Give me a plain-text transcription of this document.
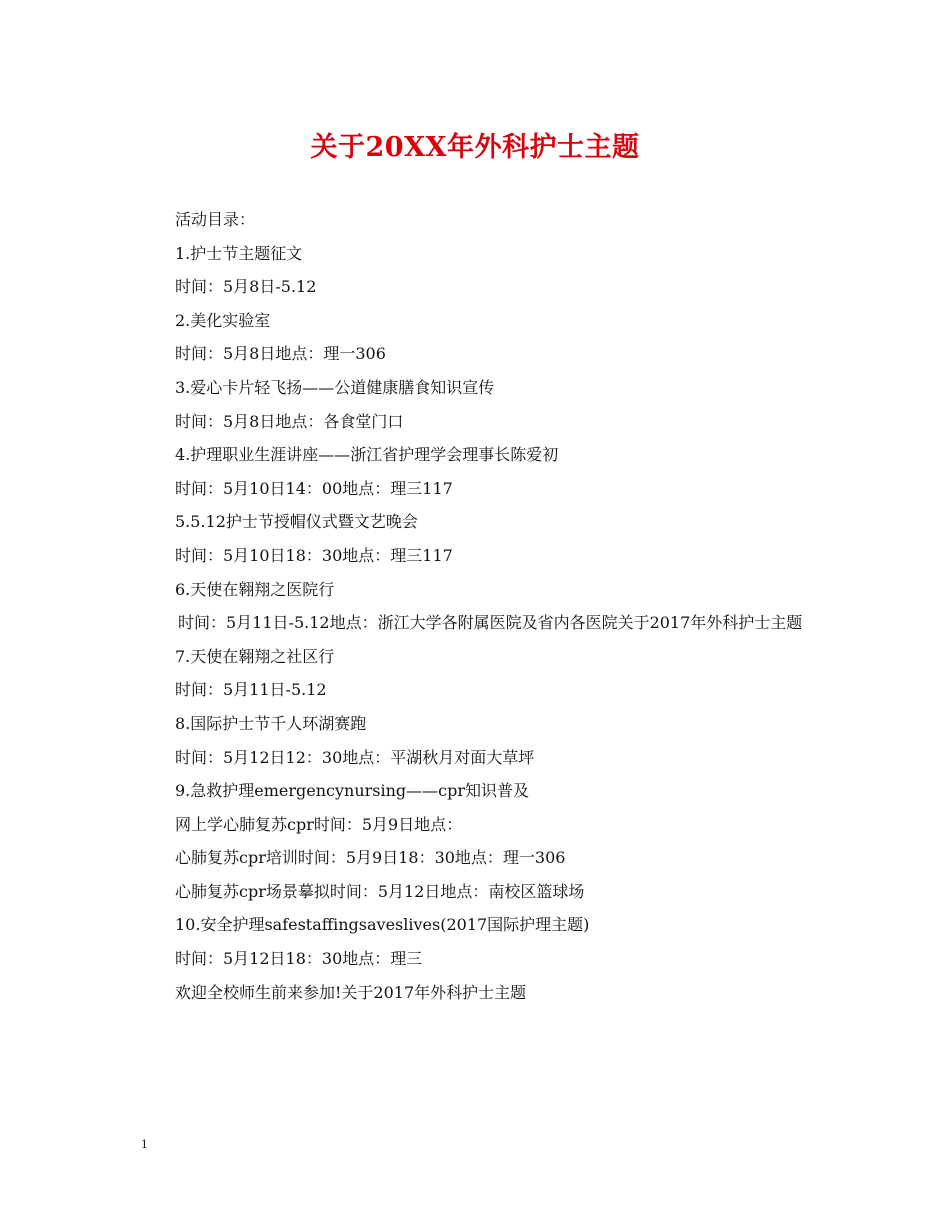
关于20XX年外科护士主题

活动目录：

1.护士节主题征文

时间：5月8日-5.12

2.美化实验室

时间：5月8日地点：理一306

3.爱心卡片轻飞扬——公道健康膳食知识宣传

时间：5月8日地点：各食堂门口

4.护理职业生涯讲座——浙江省护理学会理事长陈爱初

时间：5月10日14：00地点：理三117

5.5.12护士节授帽仪式暨文艺晚会

时间：5月10日18：30地点：理三117

6.天使在翱翔之医院行

时间：5月11日-5.12地点：浙江大学各附属医院及省内各医院关于2017年外科护士主题

7.天使在翱翔之社区行

时间：5月11日-5.12

8.国际护士节千人环湖赛跑

时间：5月12日12：30地点：平湖秋月对面大草坪

9.急救护理emergencynursing——cpr知识普及

网上学心肺复苏cpr时间：5月9日地点：

心肺复苏cpr培训时间：5月9日18：30地点：理一306

心肺复苏cpr场景摹拟时间：5月12日地点：南校区篮球场

10.安全护理safestaffingsaveslives(2017国际护理主题)

时间：5月12日18：30地点：理三

欢迎全校师生前来参加!关于2017年外科护士主题

1
